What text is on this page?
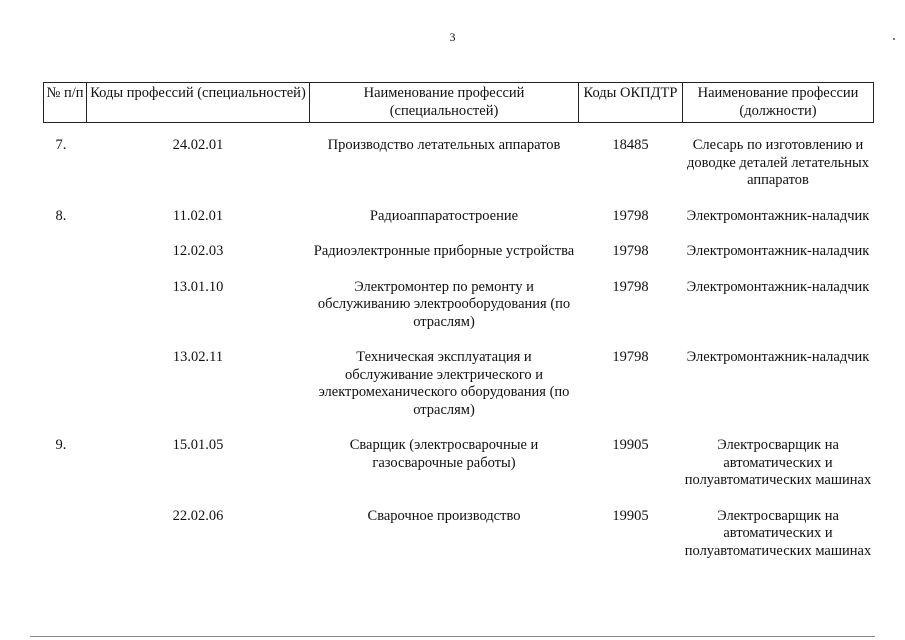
3
№ п/п	Коды профессий (специальностей)	Наименование профессий (специальностей)	Коды ОКПДТР	Наименование профессии (должности)

7.	24.02.01	Производство летательных аппаратов	18485	Слесарь по изготовлению и доводке деталей летательных аппаратов
8.	11.02.01	Радиоаппаратостроение	19798	Электромонтажник-наладчик
	12.02.03	Радиоэлектронные приборные устройства	19798	Электромонтажник-наладчик
	13.01.10	Электромонтер по ремонту и обслуживанию электрооборудования (по отраслям)	19798	Электромонтажник-наладчик
	13.02.11	Техническая эксплуатация и обслуживание электрического и электромеханического оборудования (по отраслям)	19798	Электромонтажник-наладчик
9.	15.01.05	Сварщик (электросварочные и газосварочные работы)	19905	Электросварщик на автоматических и полуавтоматических машинах
	22.02.06	Сварочное производство	19905	Электросварщик на автоматических и полуавтоматических машинах
